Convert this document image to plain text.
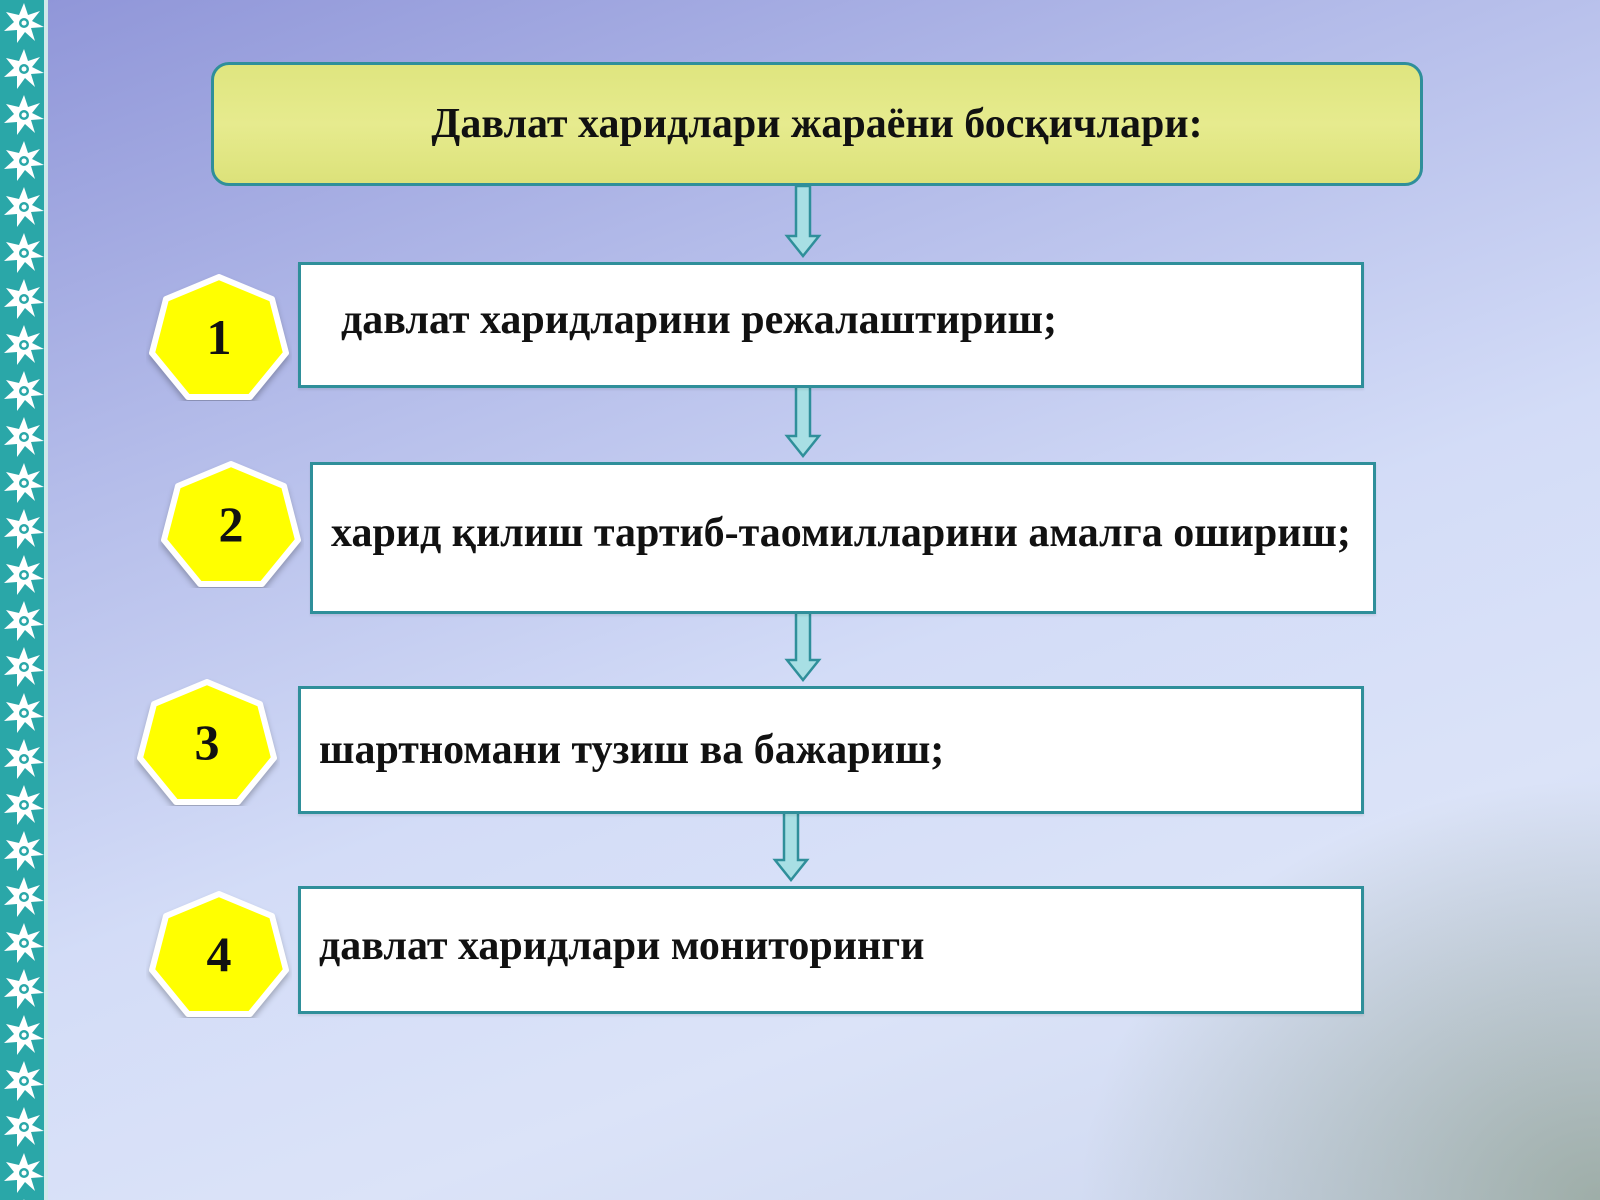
Давлат харидлари жараёни босқичлари:
1	давлат харидларини режалаштириш;
2	харид қилиш тартиб-таомилларини амалга ошириш;
3	шартномани тузиш ва бажариш;
4	давлат харидлари мониторинги
